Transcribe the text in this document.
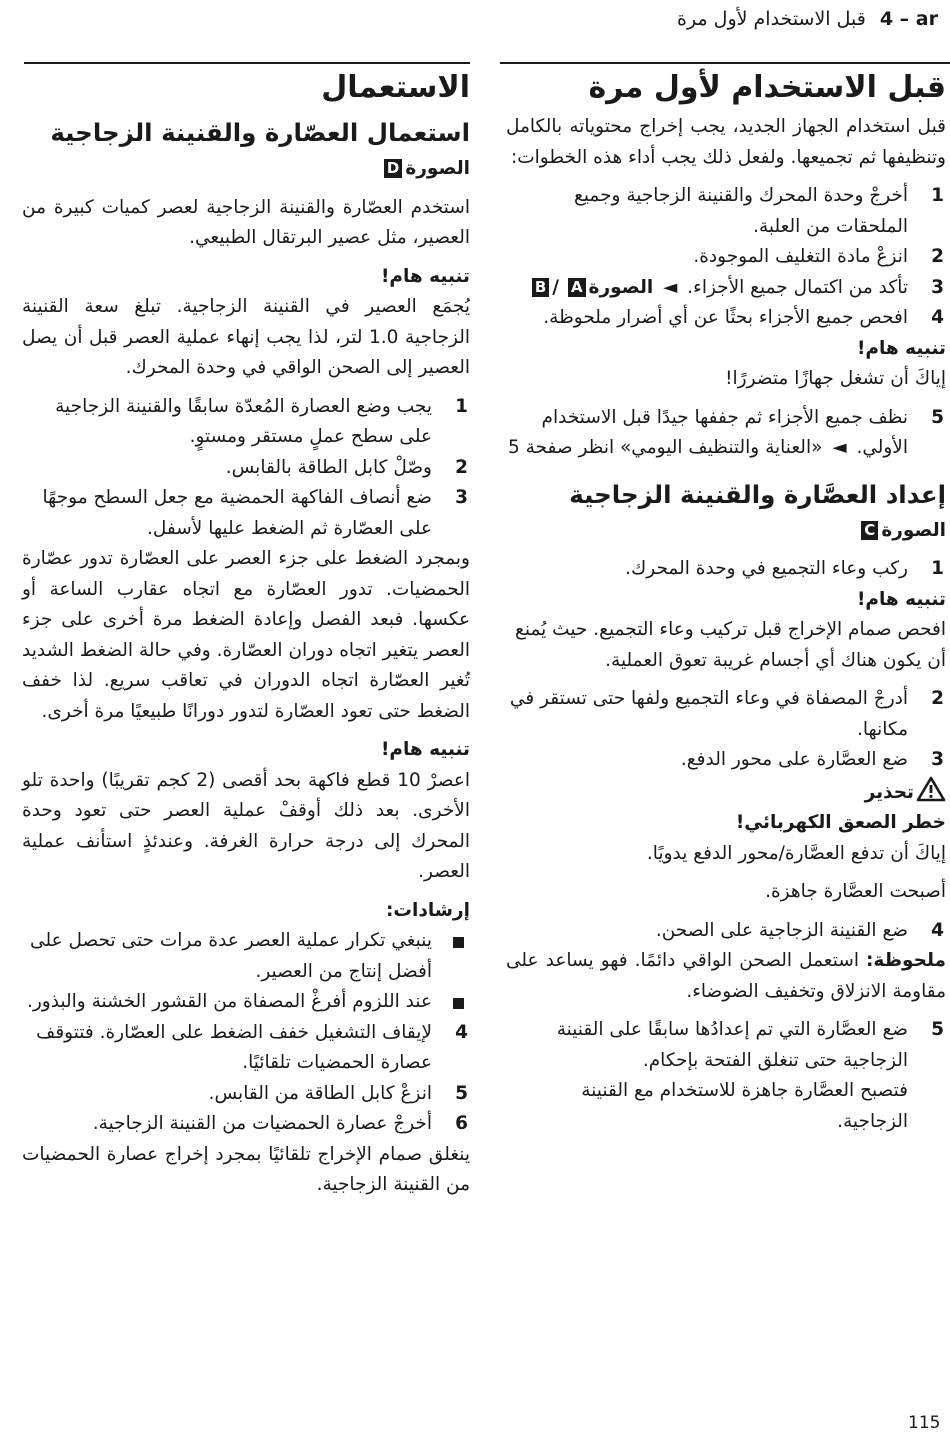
4 – arقبل الاستخدام لأول مرة
قبل الاستخدام لأول مرة

قبل استخدام الجهاز الجديد، يجب إخراج محتوياته بالكامل وتنظيفها ثم تجميعها. ولفعل ذلك يجب أداء هذه الخطوات:

1
أخرجْ وحدة المحرك والقنينة الزجاجية وجميع الملحقات من العلبة.
2
انزعْ مادة التغليف الموجودة.
3
تأكد من اكتمال جميع الأجزاء. ◄ الصورةA /B
4
افحص جميع الأجزاء بحثًا عن أي أضرار ملحوظة.

تنبيه هام!

إياكَ أن تشغل جهازًا متضررًا!

5
نظف جميع الأجزاء ثم جففها جيدًا قبل الاستخدام الأولي. ◄ «العناية والتنظيف اليومي» انظر صفحة 5
إعداد العصَّارة والقنينة الزجاجية

الصورةC

1
ركب وعاء التجميع في وحدة المحرك.

تنبيه هام!

افحص صمام الإخراج قبل تركيب وعاء التجميع. حيث يُمنع أن يكون هناك أي أجسام غريبة تعوق العملية.

2
أدرجْ المصفاة في وعاء التجميع ولفها حتى تستقر في مكانها.
3
ضع العصَّارة على محور الدفع.

تحذير

خطر الصعق الكهربائي!

إياكَ أن تدفع العصَّارة/محور الدفع يدويًا.

أصبحت العصَّارة جاهزة.

4
ضع القنينة الزجاجية على الصحن.

ملحوظة: استعمل الصحن الواقي دائمًا. فهو يساعد على مقاومة الانزلاق وتخفيف الضوضاء.

5
ضع العصَّارة التي تم إعدادُها سابقًا على القنينة الزجاجية حتى تنغلق الفتحة بإحكام.

فتصبح العصَّارة جاهزة للاستخدام مع القنينة الزجاجية.

الاستعمال
استعمال العصّارة والقنينة الزجاجية

الصورةD

استخدم العصّارة والقنينة الزجاجية لعصر كميات كبيرة من العصير، مثل عصير البرتقال الطبيعي.

تنبيه هام!

يُجمَع العصير في القنينة الزجاجية. تبلغ سعة القنينة الزجاجية 1.0 لتر، لذا يجب إنهاء عملية العصر قبل أن يصل العصير إلى الصحن الواقي في وحدة المحرك.

1
يجب وضع العصارة المُعدّة سابقًا والقنينة الزجاجية على سطح عملٍ مستقر ومستوٍ.
2
وصّلْ كابل الطاقة بالقابس.
3
ضع أنصاف الفاكهة الحمضية مع جعل السطح موجهًا على العصّارة ثم الضغط عليها لأسفل.

وبمجرد الضغط على جزء العصر على العصّارة تدور عصّارة الحمضيات. تدور العصّارة مع اتجاه عقارب الساعة أو عكسها. فبعد الفصل وإعادة الضغط مرة أخرى على جزء العصر يتغير اتجاه دوران العصّارة. وفي حالة الضغط الشديد تُغير العصّارة اتجاه الدوران في تعاقب سريع. لذا خفف الضغط حتى تعود العصّارة لتدور دورانًا طبيعيًا مرة أخرى.

تنبيه هام!

اعصرْ 10 قطع فاكهة بحد أقصى (2 كجم تقريبًا) واحدة تلو الأخرى. بعد ذلك أوقفْ عملية العصر حتى تعود وحدة المحرك إلى درجة حرارة الغرفة. وعندئذٍ استأنف عملية العصر.

إرشادات:

ينبغي تكرار عملية العصر عدة مرات حتى تحصل على أفضل إنتاج من العصير.
عند اللزوم أفرغْ المصفاة من القشور الخشنة والبذور.
4
لإيقاف التشغيل خفف الضغط على العصّارة. فتتوقف عصارة الحمضيات تلقائيًا.
5
انزعْ كابل الطاقة من القابس.
6
أخرجْ عصارة الحمضيات من القنينة الزجاجية.

ينغلق صمام الإخراج تلقائيًا بمجرد إخراج عصارة الحمضيات من القنينة الزجاجية.

115
